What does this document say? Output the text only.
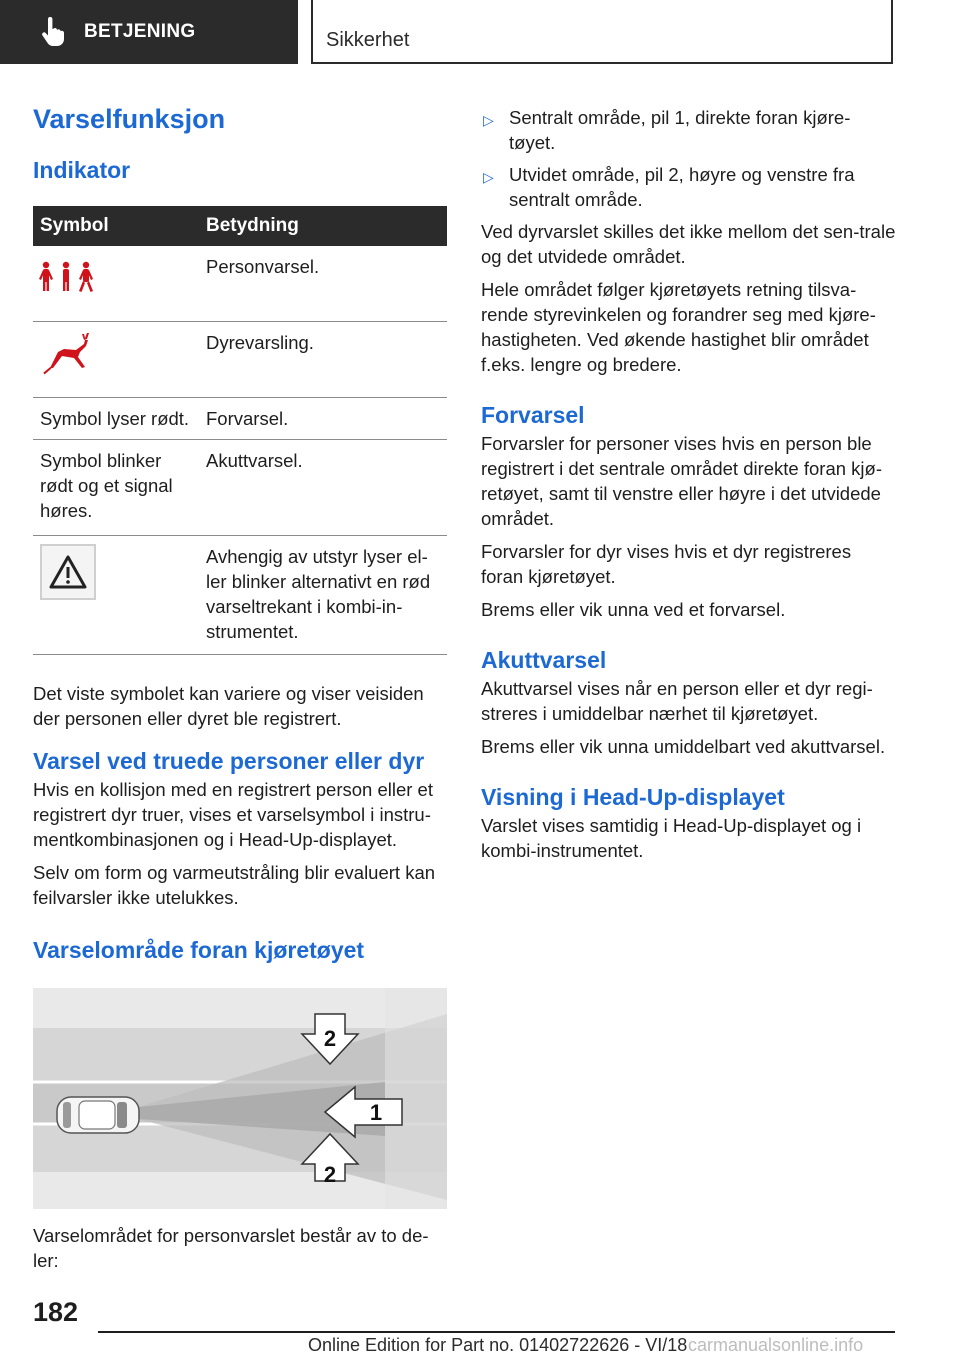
BETJENING	Sikkerhet
Varselfunksjon
Indikator
Symbol	Betydning
	Personvarsel.
	Dyrevarsling.
Symbol lyser rødt.	Forvarsel.
Symbol blinker rødt og et signal høres.	Akuttvarsel.

	Avhengig av utstyr lyser el-ler blinker alternativt en rød varseltrekant i kombi-in-strumentet.

Det viste symbolet kan variere og viser veisiden der personen eller dyret ble registrert.

Varsel ved truede personer eller dyr

Hvis en kollisjon med en registrert person eller et registrert dyr truer, vises et varselsymbol i instru-mentkombinasjonen og i Head-Up-displayet.

Selv om form og varmeutstråling blir evaluert kan feilvarsler ikke utelukkes.

Varselområde foran kjøretøyet
2
1
2

Varselområdet for personvarslet består av to de-ler:

▷ Sentralt område, pil 1, direkte foran kjøre-tøyet.
▷ Utvidet område, pil 2, høyre og venstre fra sentralt område.

Ved dyrvarslet skilles det ikke mellom det sen-trale og det utvidede området.

Hele området følger kjøretøyets retning tilsva-rende styrevinkelen og forandrer seg med kjøre-hastigheten. Ved økende hastighet blir området f.eks. lengre og bredere.

Forvarsel

Forvarsler for personer vises hvis en person ble registrert i det sentrale området direkte foran kjø-retøyet, samt til venstre eller høyre i det utvidede området.

Forvarsler for dyr vises hvis et dyr registreres foran kjøretøyet.

Brems eller vik unna ved et forvarsel.

Akuttvarsel

Akuttvarsel vises når en person eller et dyr regi-streres i umiddelbar nærhet til kjøretøyet.

Brems eller vik unna umiddelbart ved akuttvarsel.

Visning i Head-Up-displayet

Varslet vises samtidig i Head-Up-displayet og i kombi-instrumentet.

182
Online Edition for Part no. 01402722626 - VI/18 carmanualsonline.info
